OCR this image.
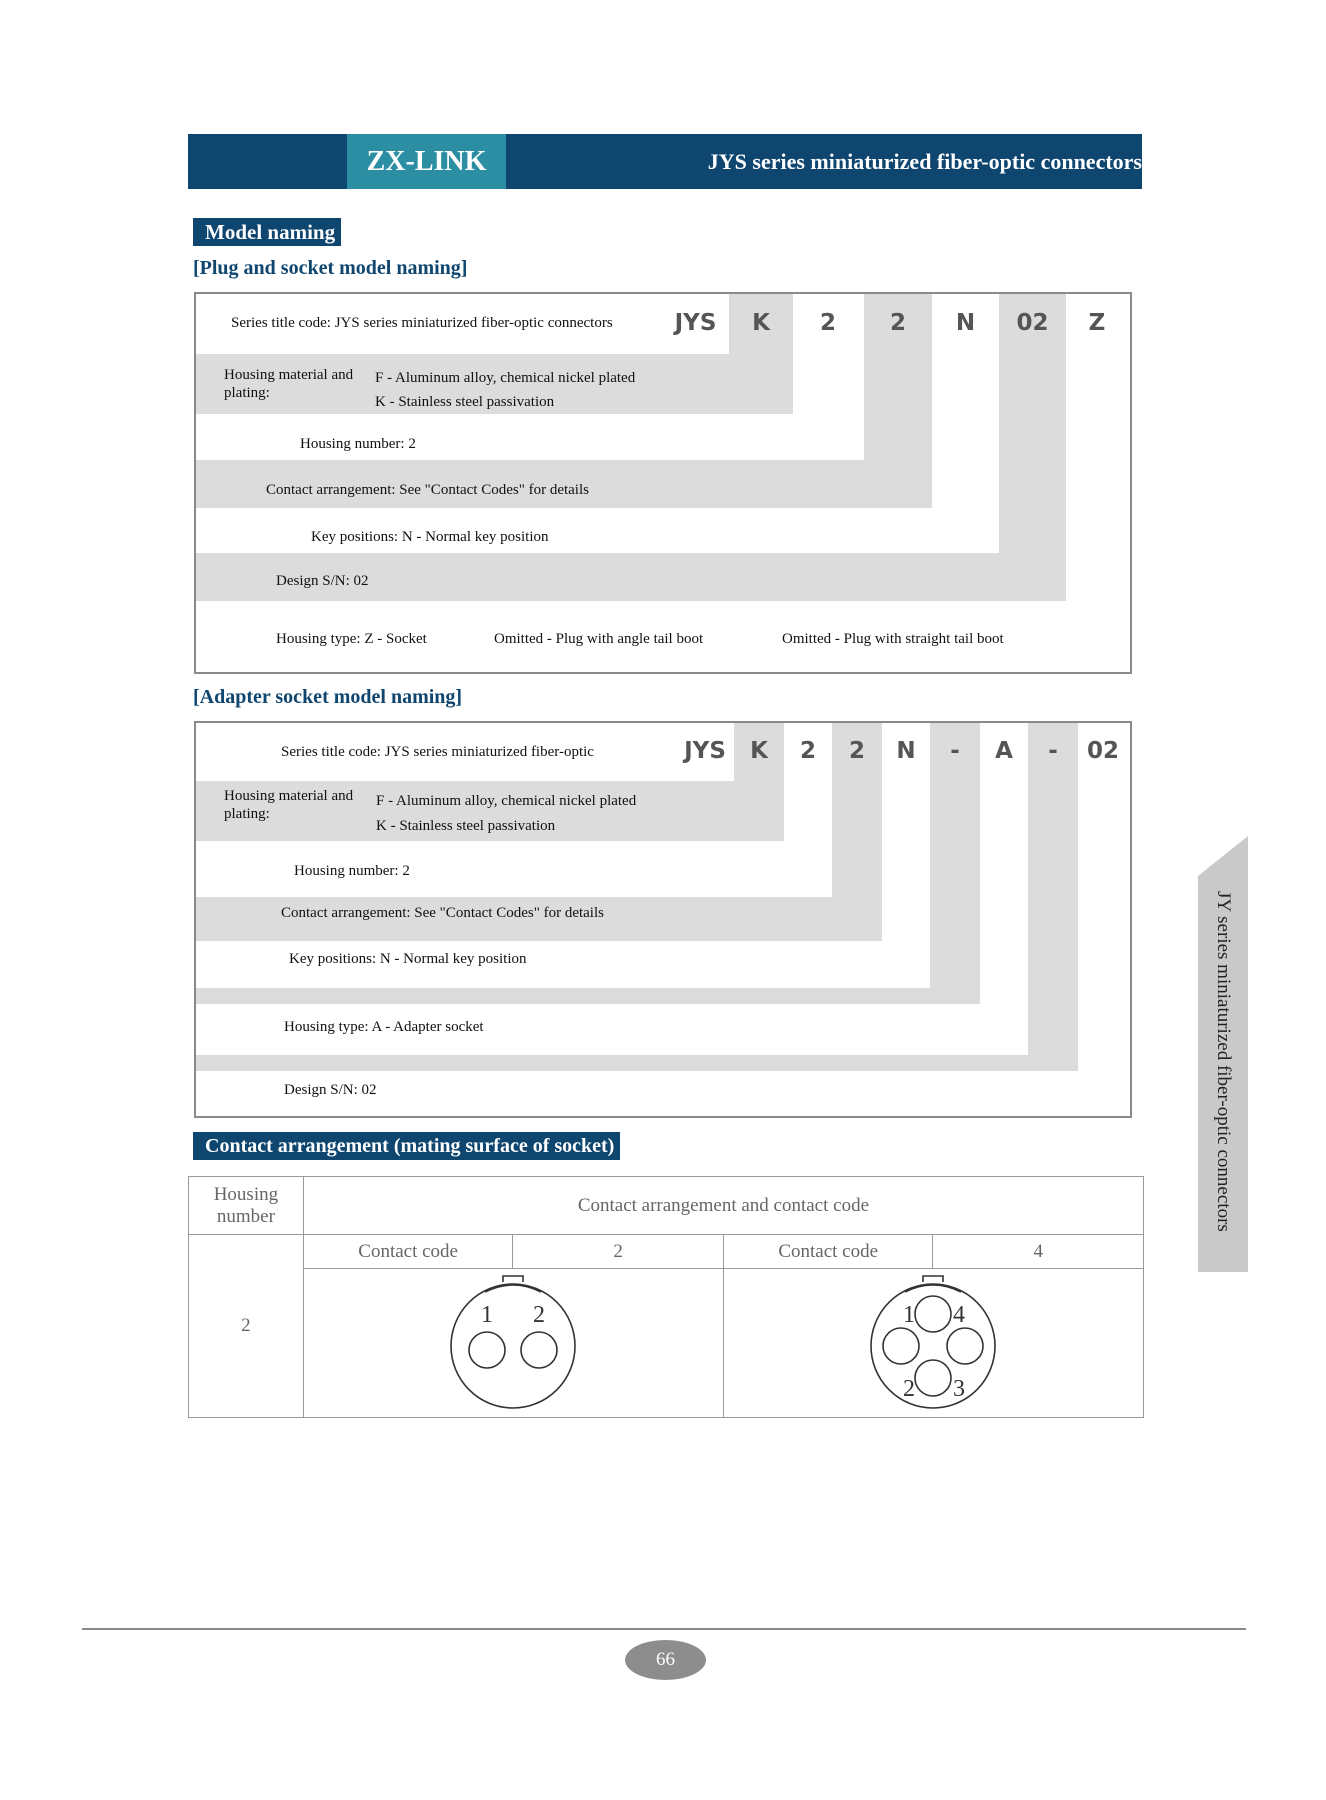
ZX-LINK	JYS series miniaturized fiber-optic connectors
Model naming
[Plug and socket model naming]
JYS	K	2	2	N	02	Z
Series title code: JYS series miniaturized fiber-optic connectors
Housing material and plating:
F - Aluminum alloy, chemical nickel plated
K - Stainless steel passivation
Housing number: 2
Contact arrangement: See "Contact Codes" for details
Key positions: N - Normal key position
Design S/N: 02
Housing type: Z - Socket	Omitted - Plug with angle tail boot	Omitted - Plug with straight tail boot
[Adapter socket model naming]
JYS	K	2	2	N	-	A	-	02
Series title code: JYS series miniaturized fiber-optic
Housing material and plating:
F - Aluminum alloy, chemical nickel plated
K - Stainless steel passivation
Housing number: 2
Contact arrangement: See "Contact Codes" for details
Key positions: N - Normal key position
Housing type: A - Adapter socket
Design S/N: 02
Contact arrangement (mating surface of socket)
Housing number	Contact arrangement and contact code			
2	Contact code	2	Contact code	4

1 2		1 4
2 3	
JY series miniaturized fiber-optic connectors
66
